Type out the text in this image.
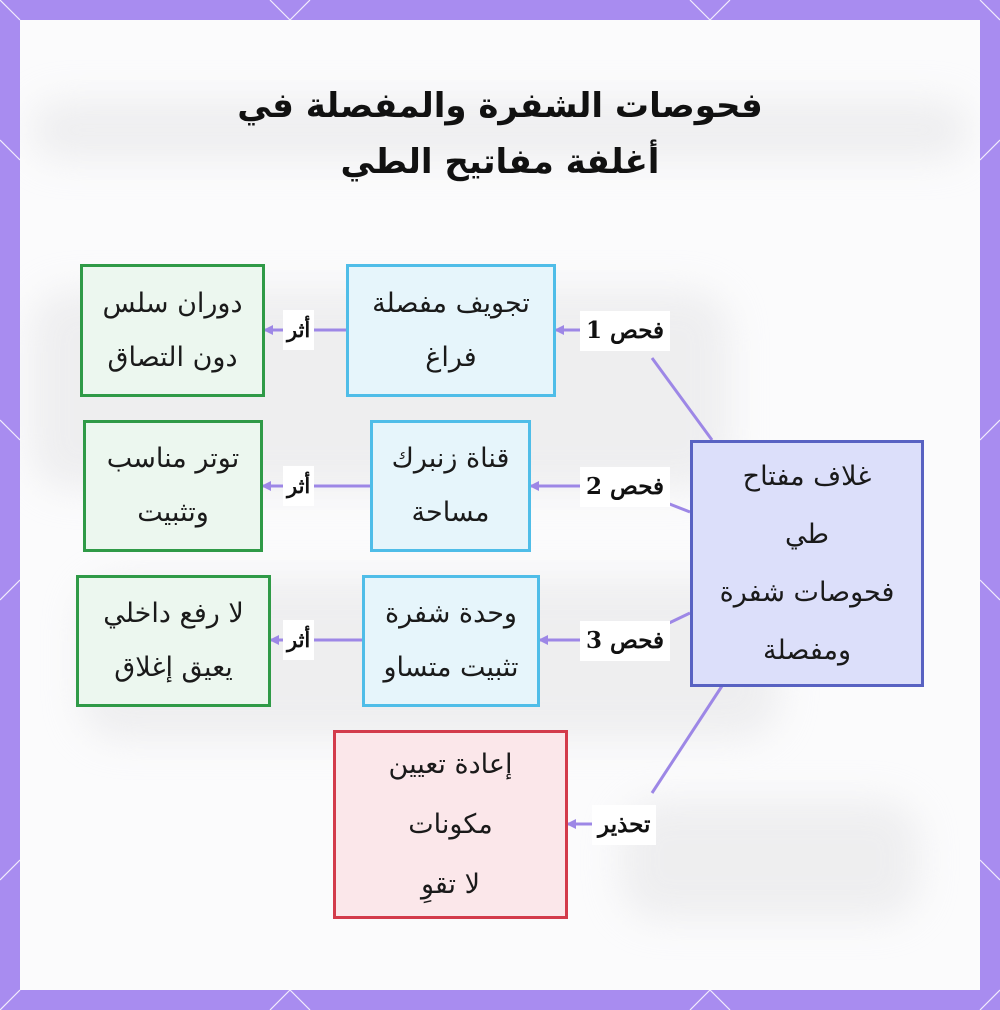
فحوصات الشفرة والمفصلة في
أغلفة مفاتيح الطي
غلاف مفتاح
طي
فحوصات شفرة
ومفصلة
تجويف مفصلة
فراغ
قناة زنبرك
مساحة
وحدة شفرة
تثبيت متساو
دوران سلس
دون التصاق
توتر مناسب
وتثبيت
لا رفع داخلي
يعيق إغلاق
إعادة تعيين
مكونات
لا تقوِ
فحص 1
فحص 2
فحص 3
تحذير
أثر
أثر
أثر
